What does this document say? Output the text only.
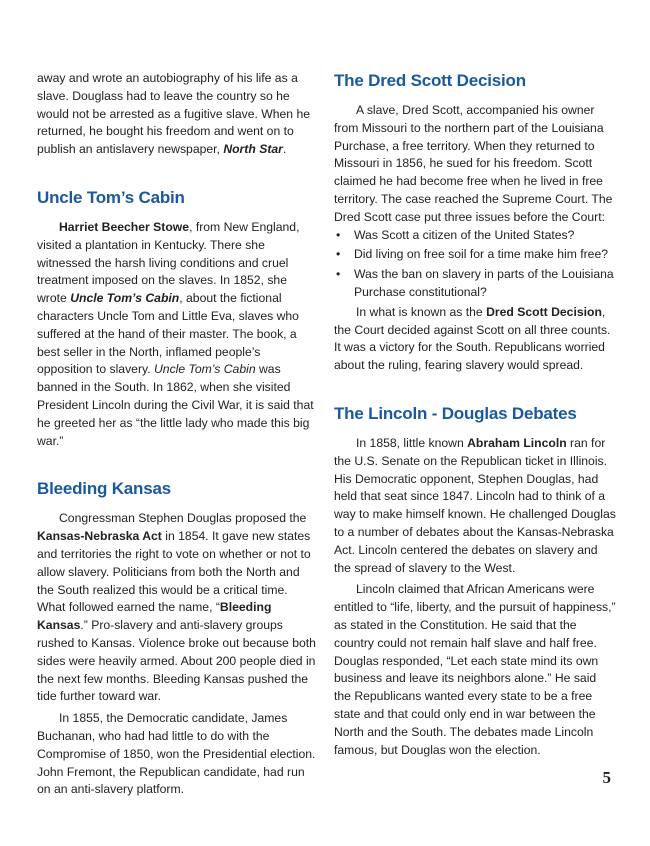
away and wrote an autobiography of his life as a slave. Douglass had to leave the country so he would not be arrested as a fugitive slave. When he returned, he bought his freedom and went on to publish an antislavery newspaper, North Star.

Uncle Tom’s Cabin

Harriet Beecher Stowe, from New England, visited a plantation in Kentucky. There she witnessed the harsh living conditions and cruel treatment imposed on the slaves. In 1852, she wrote Uncle Tom’s Cabin, about the fictional characters Uncle Tom and Little Eva, slaves who suffered at the hand of their master. The book, a best seller in the North, inflamed people’s opposition to slavery. Uncle Tom’s Cabin was banned in the South. In 1862, when she visited President Lincoln during the Civil War, it is said that he greeted her as “the little lady who made this big war.”

Bleeding Kansas

Congressman Stephen Douglas proposed the Kansas-Nebraska Act in 1854. It gave new states and territories the right to vote on whether or not to allow slavery. Politicians from both the North and the South realized this would be a critical time. What followed earned the name, “Bleeding Kansas.” Pro-slavery and anti-slavery groups rushed to Kansas. Violence broke out because both sides were heavily armed. About 200 people died in the next few months. Bleeding Kansas pushed the tide further toward war.

In 1855, the Democratic candidate, James Buchanan, who had had little to do with the Compromise of 1850, won the Presidential election. John Fremont, the Republican candidate, had run on an anti-slavery platform.

The Dred Scott Decision

A slave, Dred Scott, accompanied his owner from Missouri to the northern part of the Louisiana Purchase, a free territory. When they returned to Missouri in 1856, he sued for his freedom. Scott claimed he had become free when he lived in free territory. The case reached the Supreme Court. The Dred Scott case put three issues before the Court:

• Was Scott a citizen of the United States?
• Did living on free soil for a time make him free?
• Was the ban on slavery in parts of the Louisiana Purchase constitutional?

In what is known as the Dred Scott Decision, the Court decided against Scott on all three counts. It was a victory for the South. Republicans worried about the ruling, fearing slavery would spread.

The Lincoln - Douglas Debates

In 1858, little known Abraham Lincoln ran for the U.S. Senate on the Republican ticket in Illinois. His Democratic opponent, Stephen Douglas, had held that seat since 1847. Lincoln had to think of a way to make himself known. He challenged Douglas to a number of debates about the Kansas-Nebraska Act. Lincoln centered the debates on slavery and the spread of slavery to the West.

Lincoln claimed that African Americans were entitled to “life, liberty, and the pursuit of happiness,” as stated in the Constitution. He said that the country could not remain half slave and half free. Douglas responded, “Let each state mind its own business and leave its neighbors alone.” He said the Republicans wanted every state to be a free state and that could only end in war between the North and the South. The debates made Lincoln famous, but Douglas won the election.

5
